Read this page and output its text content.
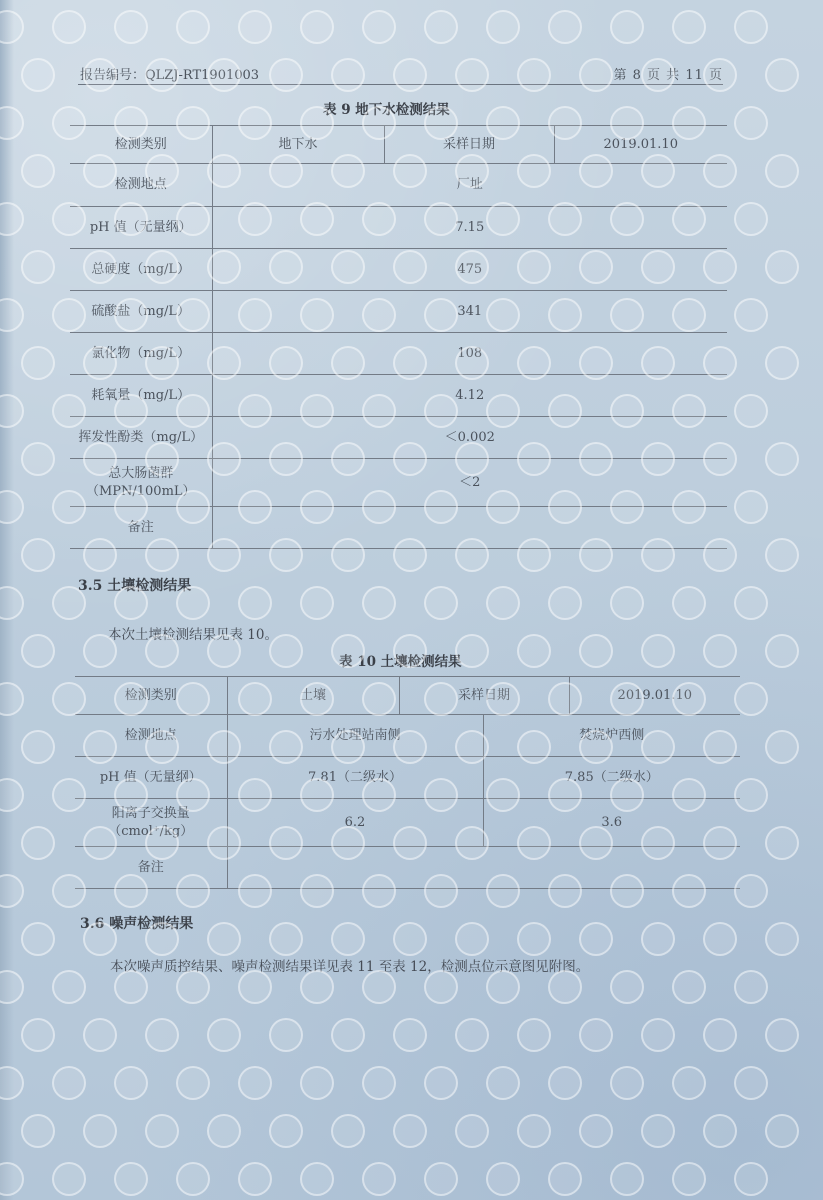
报告编号：QLZJ-RT1901003	第 8 页 共 11 页
表 9 地下水检测结果
检测类别	地下水	采样日期	2019.01.10
检测地点	厂址		
pH 值（无量纲）	7.15		
总硬度（mg/L）	475		
硫酸盐（mg/L）	341		
氯化物（mg/L）	108		
耗氧量（mg/L）	4.12		
挥发性酚类（mg/L）	＜0.002		
总大肠菌群
（MPN/100mL）	＜2		
备注			
3.5 土壤检测结果
本次土壤检测结果见表 10。
表 10 土壤检测结果
检测类别	土壤	采样日期		2019.01.10
检测地点	污水处理站南侧		焚烧炉西侧	
pH 值（无量纲）	7.81（二级水）		7.85（二级水）	
阳离子交换量
（cmol⁺/kg）	6.2		3.6	
备注				
3.6 噪声检测结果
本次噪声质控结果、噪声检测结果详见表 11 至表 12，检测点位示意图见附图。
